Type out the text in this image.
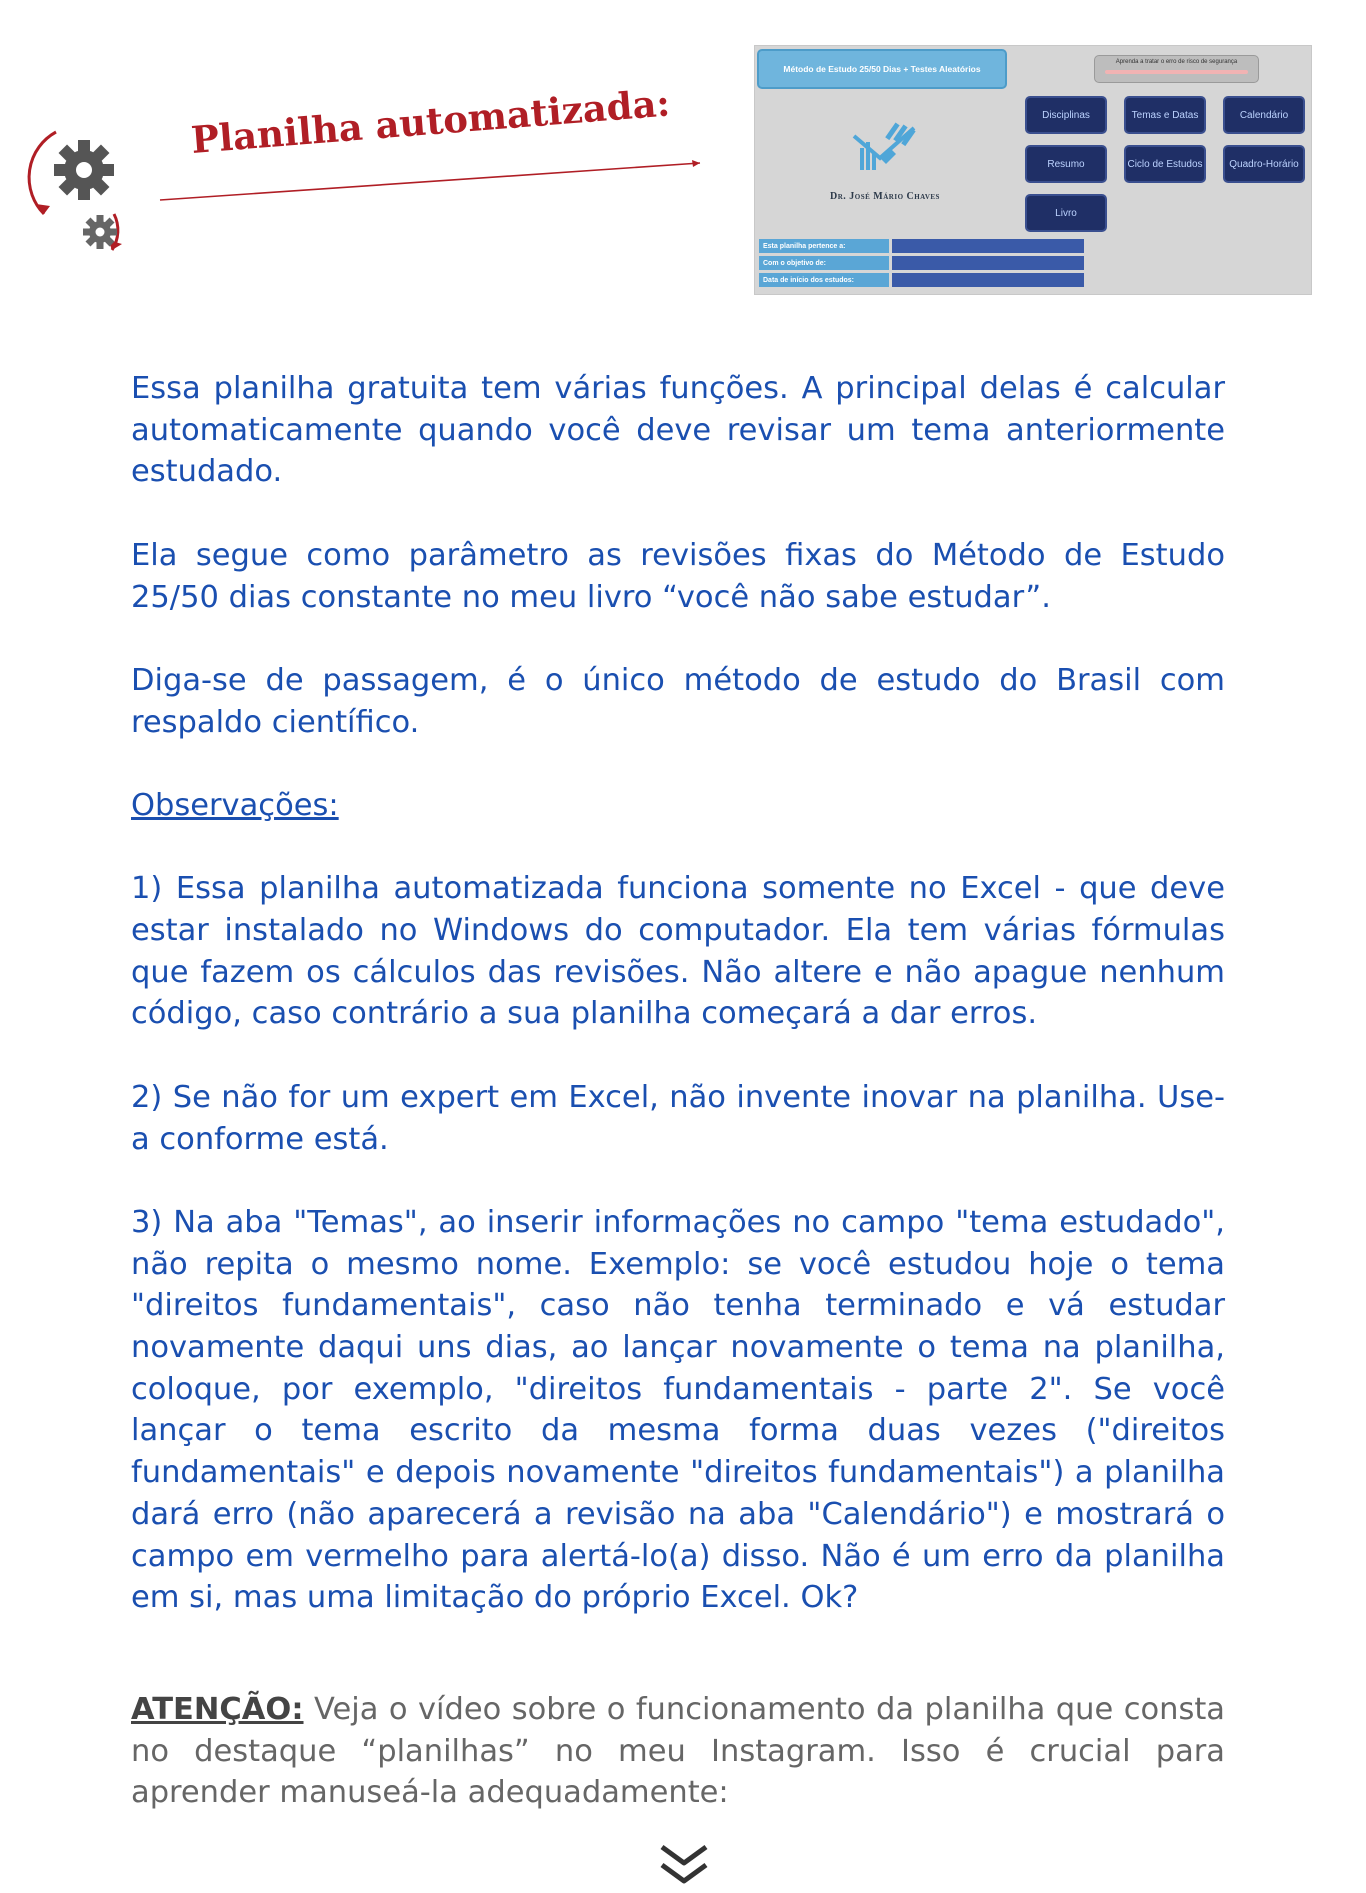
Planilha automatizada:
Método de Estudo 25/50 Dias + Testes Aleatórios
Aprenda a tratar o erro de risco de segurança
Disciplinas	Temas e Datas	Calendário
Resumo	Ciclo de Estudos	Quadro-Horário
Livro
Dr. José Mário Chaves
Esta planilha pertence a:
Com o objetivo de:
Data de início dos estudos:

Essa planilha gratuita tem várias funções. A principal delas é calcular automaticamente quando você deve revisar um tema anteriormente estudado.

Ela segue como parâmetro as revisões fixas do Método de Estudo 25/50 dias constante no meu livro “você não sabe estudar”.

Diga-se de passagem, é o único método de estudo do Brasil com respaldo científico.

Observações:

1) Essa planilha automatizada funciona somente no Excel - que deve estar instalado no Windows do computador. Ela tem várias fórmulas que fazem os cálculos das revisões. Não altere e não apague nenhum código, caso contrário a sua planilha começará a dar erros.

2) Se não for um expert em Excel, não invente inovar na planilha. Use-a conforme está.

3) Na aba "Temas", ao inserir informações no campo "tema estudado", não repita o mesmo nome. Exemplo: se você estudou hoje o tema "direitos fundamentais", caso não tenha terminado e vá estudar novamente daqui uns dias, ao lançar novamente o tema na planilha, coloque, por exemplo, "direitos fundamentais - parte 2". Se você lançar o tema escrito da mesma forma duas vezes ("direitos fundamentais" e depois novamente "direitos fundamentais") a planilha dará erro (não aparecerá a revisão na aba "Calendário") e mostrará o campo em vermelho para alertá-lo(a) disso. Não é um erro da planilha em si, mas uma limitação do próprio Excel. Ok?

ATENÇÃO: Veja o vídeo sobre o funcionamento da planilha que consta no destaque “planilhas” no meu Instagram. Isso é crucial para aprender manuseá-la adequadamente:
